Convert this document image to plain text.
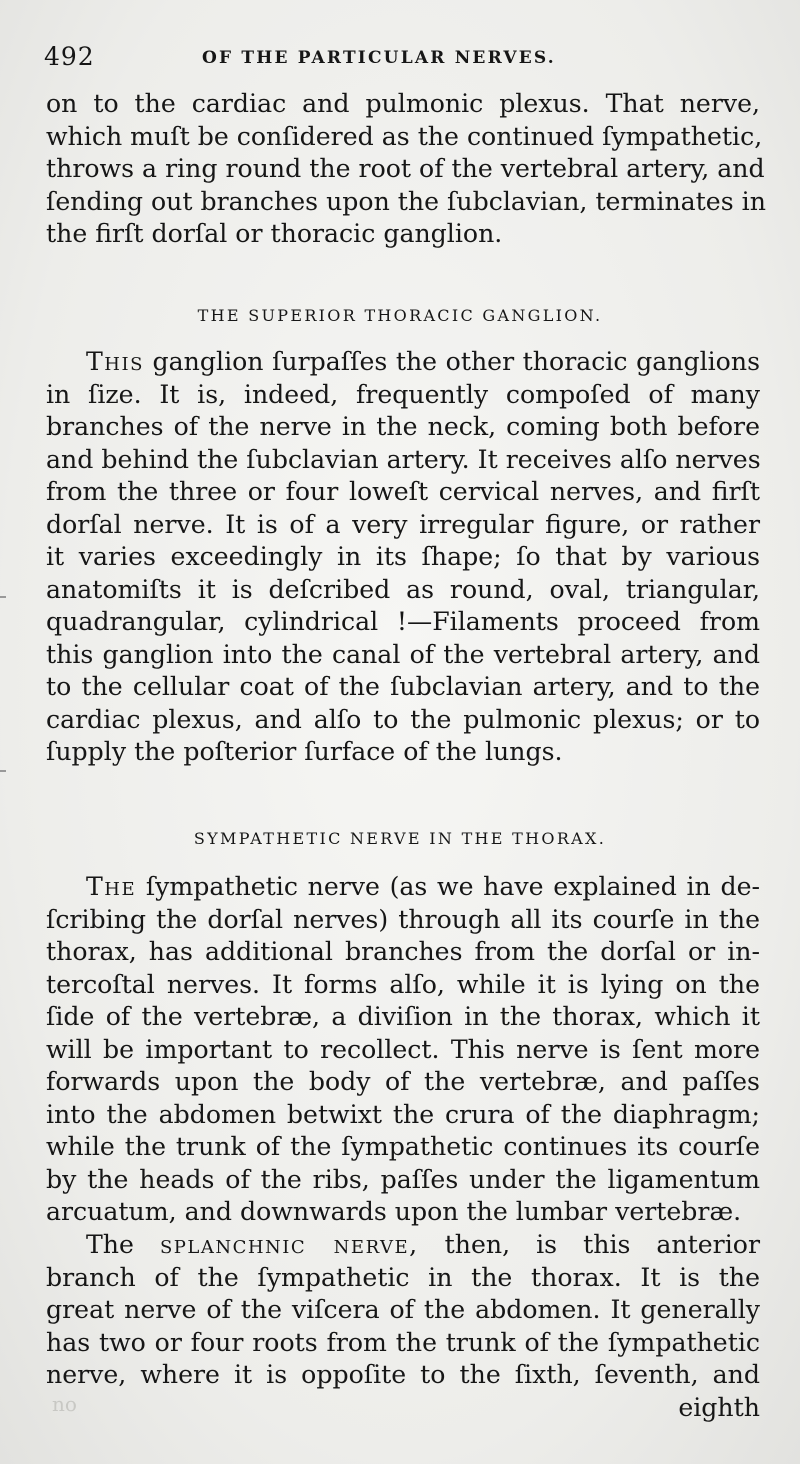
492	OF THE PARTICULAR NERVES.
on to the cardiac and pulmonic plexus. That nerve,
which muſt be conſidered as the continued ſympathetic,
throws a ring round the root of the vertebral artery, and
ſending out branches upon the ſubclavian, terminates in
the firſt dorſal or thoracic ganglion.
THE SUPERIOR THORACIC GANGLION.
This ganglion ſurpaſſes the other thoracic ganglions
in ſize. It is, indeed, frequently compoſed of many
branches of the nerve in the neck, coming both before
and behind the ſubclavian artery. It receives alſo nerves
from the three or four loweſt cervical nerves, and firſt
dorſal nerve. It is of a very irregular figure, or rather
it varies exceedingly in its ſhape; ſo that by various
anatomiſts it is deſcribed as round, oval, triangular,
quadrangular, cylindrical !—Filaments proceed from
this ganglion into the canal of the vertebral artery, and
to the cellular coat of the ſubclavian artery, and to the
cardiac plexus, and alſo to the pulmonic plexus; or to
ſupply the poſterior ſurface of the lungs.
SYMPATHETIC NERVE IN THE THORAX.
The ſympathetic nerve (as we have explained in de-
ſcribing the dorſal nerves) through all its courſe in the
thorax, has additional branches from the dorſal or in-
tercoſtal nerves. It forms alſo, while it is lying on the
ſide of the vertebræ, a diviſion in the thorax, which it
will be important to recollect. This nerve is ſent more
forwards upon the body of the vertebræ, and paſſes
into the abdomen betwixt the crura of the diaphragm;
while the trunk of the ſympathetic continues its courſe
by the heads of the ribs, paſſes under the ligamentum
arcuatum, and downwards upon the lumbar vertebræ.
The splanchnic nerve, then, is this anterior
branch of the ſympathetic in the thorax. It is the
great nerve of the viſcera of the abdomen. It generally
has two or four roots from the trunk of the ſympathetic
nerve, where it is oppoſite to the ſixth, ſeventh, and
eighth
no
